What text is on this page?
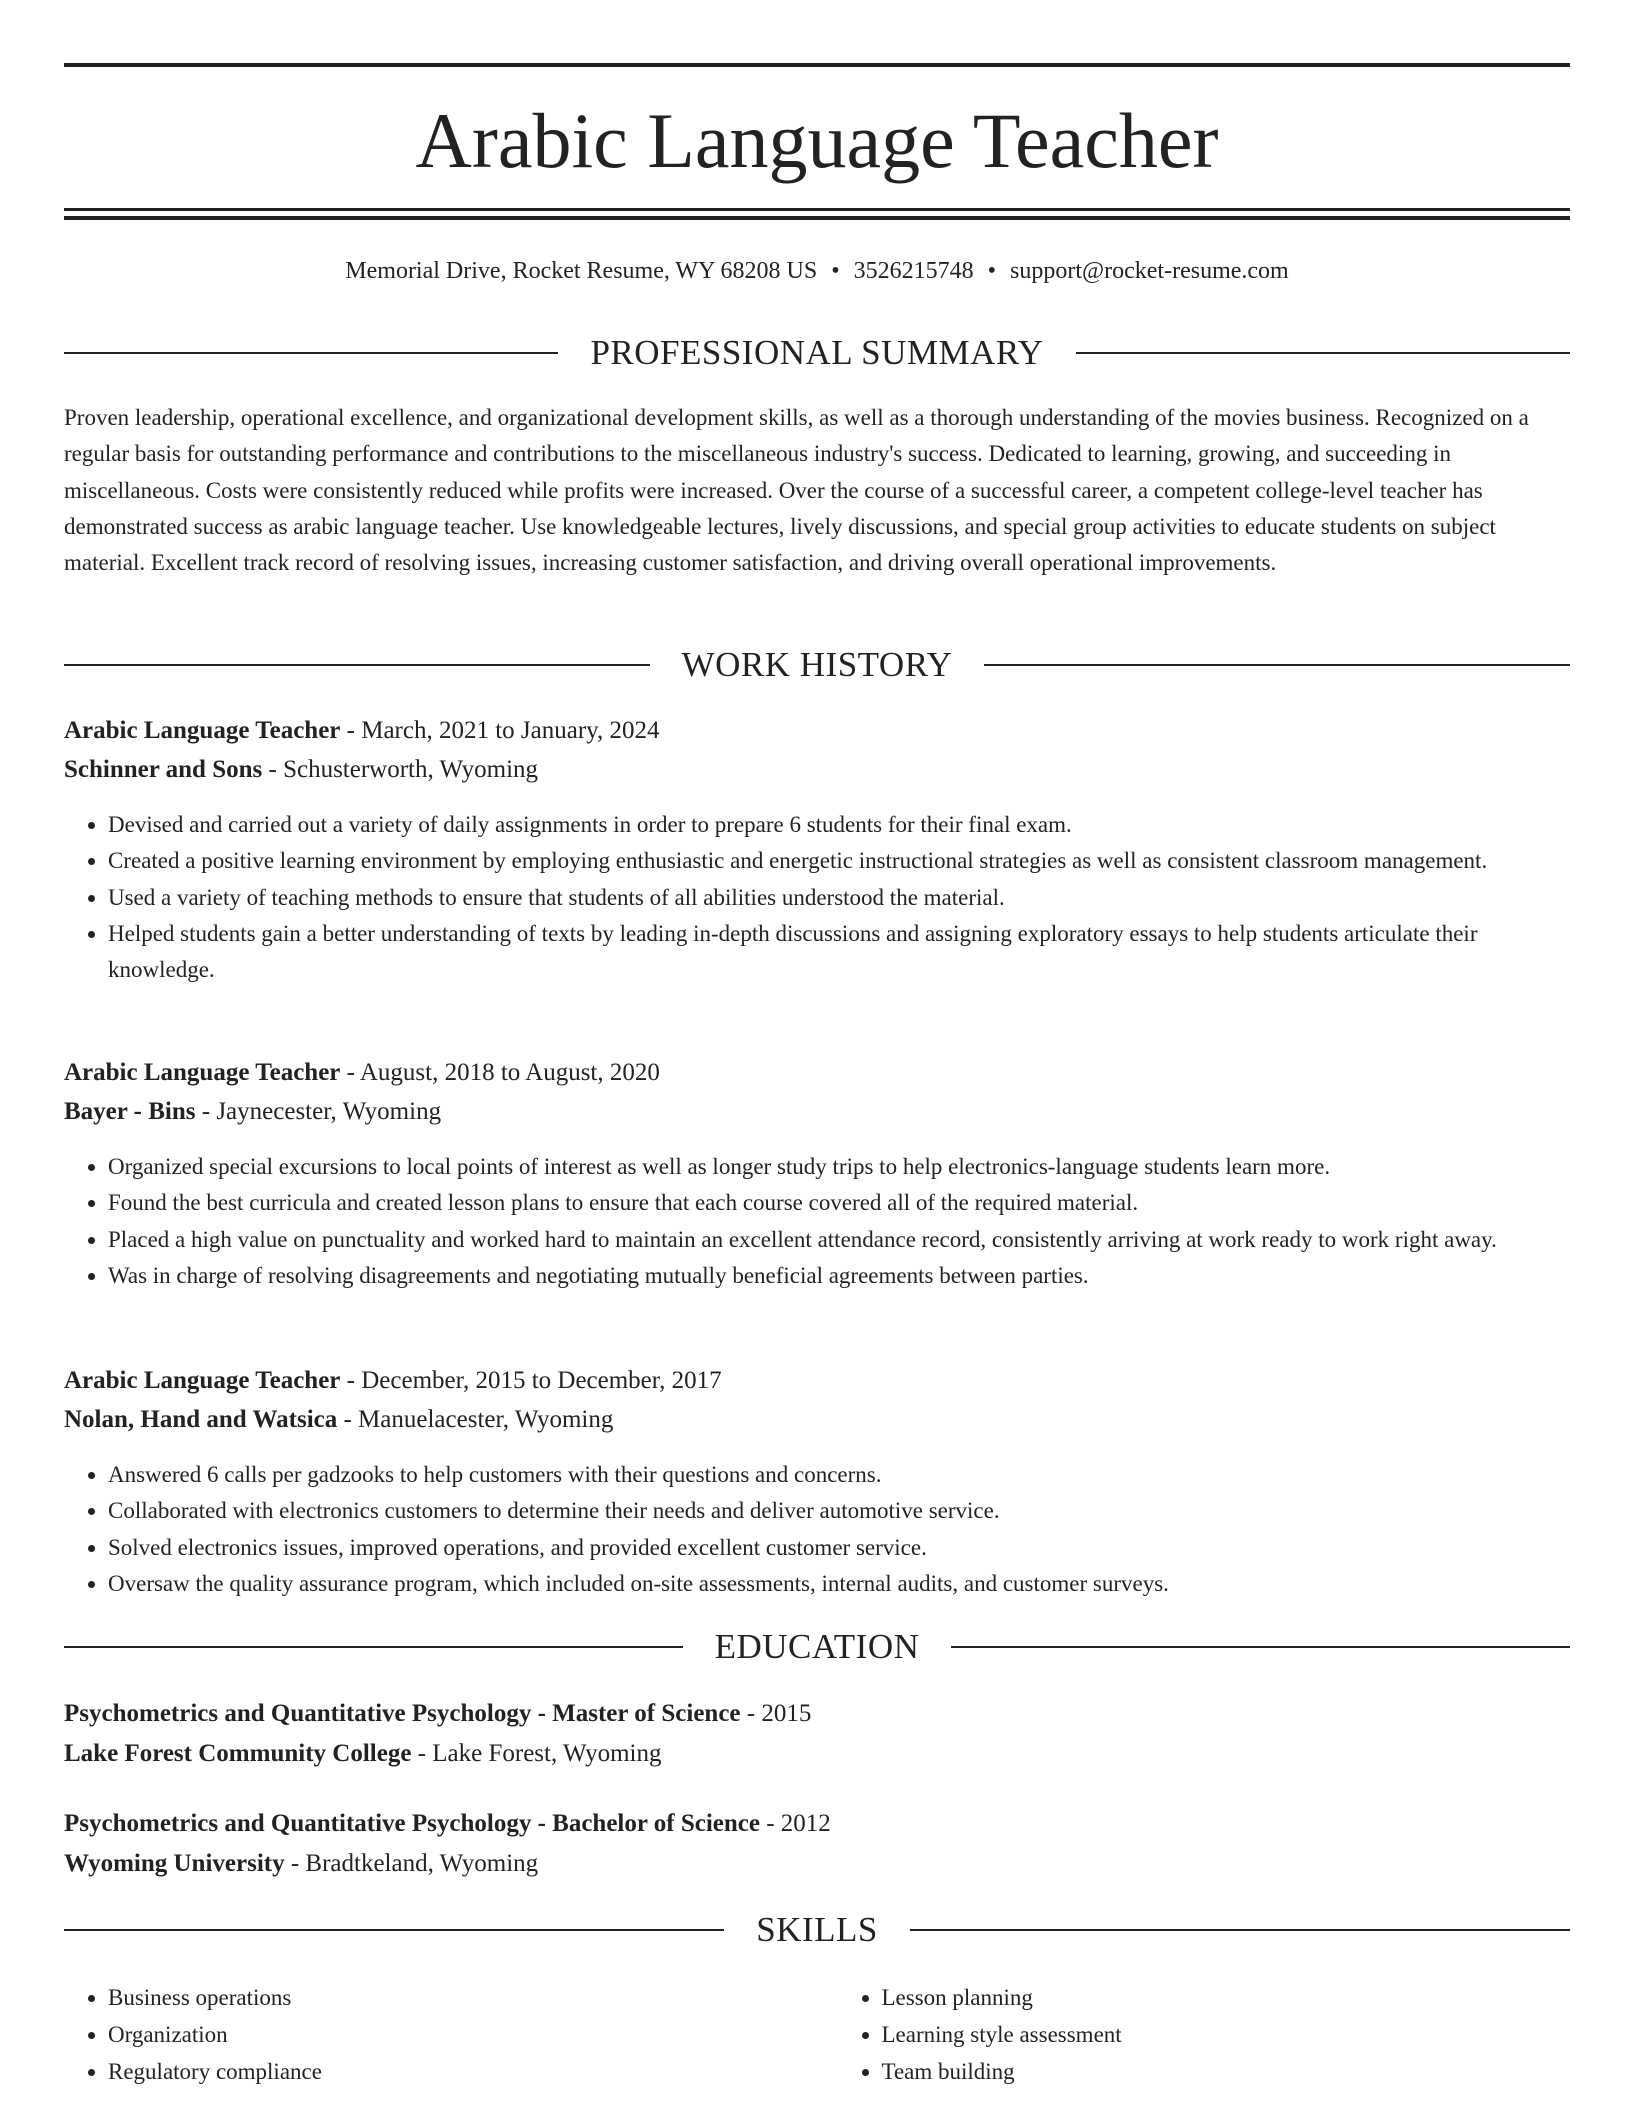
Arabic Language Teacher
Memorial Drive, Rocket Resume, WY 68208 US • 3526215748 • support@rocket-resume.com
PROFESSIONAL SUMMARY

Proven leadership, operational excellence, and organizational development skills, as well as a thorough understanding of the movies business. Recognized on a regular basis for outstanding performance and contributions to the miscellaneous industry's success. Dedicated to learning, growing, and succeeding in miscellaneous. Costs were consistently reduced while profits were increased. Over the course of a successful career, a competent college-level teacher has demonstrated success as arabic language teacher. Use knowledgeable lectures, lively discussions, and special group activities to educate students on subject material. Excellent track record of resolving issues, increasing customer satisfaction, and driving overall operational improvements.

WORK HISTORY

Arabic Language Teacher - March, 2021 to January, 2024

Schinner and Sons - Schusterworth, Wyoming

• Devised and carried out a variety of daily assignments in order to prepare 6 students for their final exam.
• Created a positive learning environment by employing enthusiastic and energetic instructional strategies as well as consistent classroom management.
• Used a variety of teaching methods to ensure that students of all abilities understood the material.
• Helped students gain a better understanding of texts by leading in-depth discussions and assigning exploratory essays to help students articulate their knowledge.

Arabic Language Teacher - August, 2018 to August, 2020

Bayer - Bins - Jaynecester, Wyoming

• Organized special excursions to local points of interest as well as longer study trips to help electronics-language students learn more.
• Found the best curricula and created lesson plans to ensure that each course covered all of the required material.
• Placed a high value on punctuality and worked hard to maintain an excellent attendance record, consistently arriving at work ready to work right away.
• Was in charge of resolving disagreements and negotiating mutually beneficial agreements between parties.

Arabic Language Teacher - December, 2015 to December, 2017

Nolan, Hand and Watsica - Manuelacester, Wyoming

• Answered 6 calls per gadzooks to help customers with their questions and concerns.
• Collaborated with electronics customers to determine their needs and deliver automotive service.
• Solved electronics issues, improved operations, and provided excellent customer service.
• Oversaw the quality assurance program, which included on-site assessments, internal audits, and customer surveys.
EDUCATION

Psychometrics and Quantitative Psychology - Master of Science - 2015

Lake Forest Community College - Lake Forest, Wyoming

Psychometrics and Quantitative Psychology - Bachelor of Science - 2012

Wyoming University - Bradtkeland, Wyoming

SKILLS
• Business operations
• Organization
• Regulatory compliance
• Lesson planning
• Learning style assessment
• Team building
